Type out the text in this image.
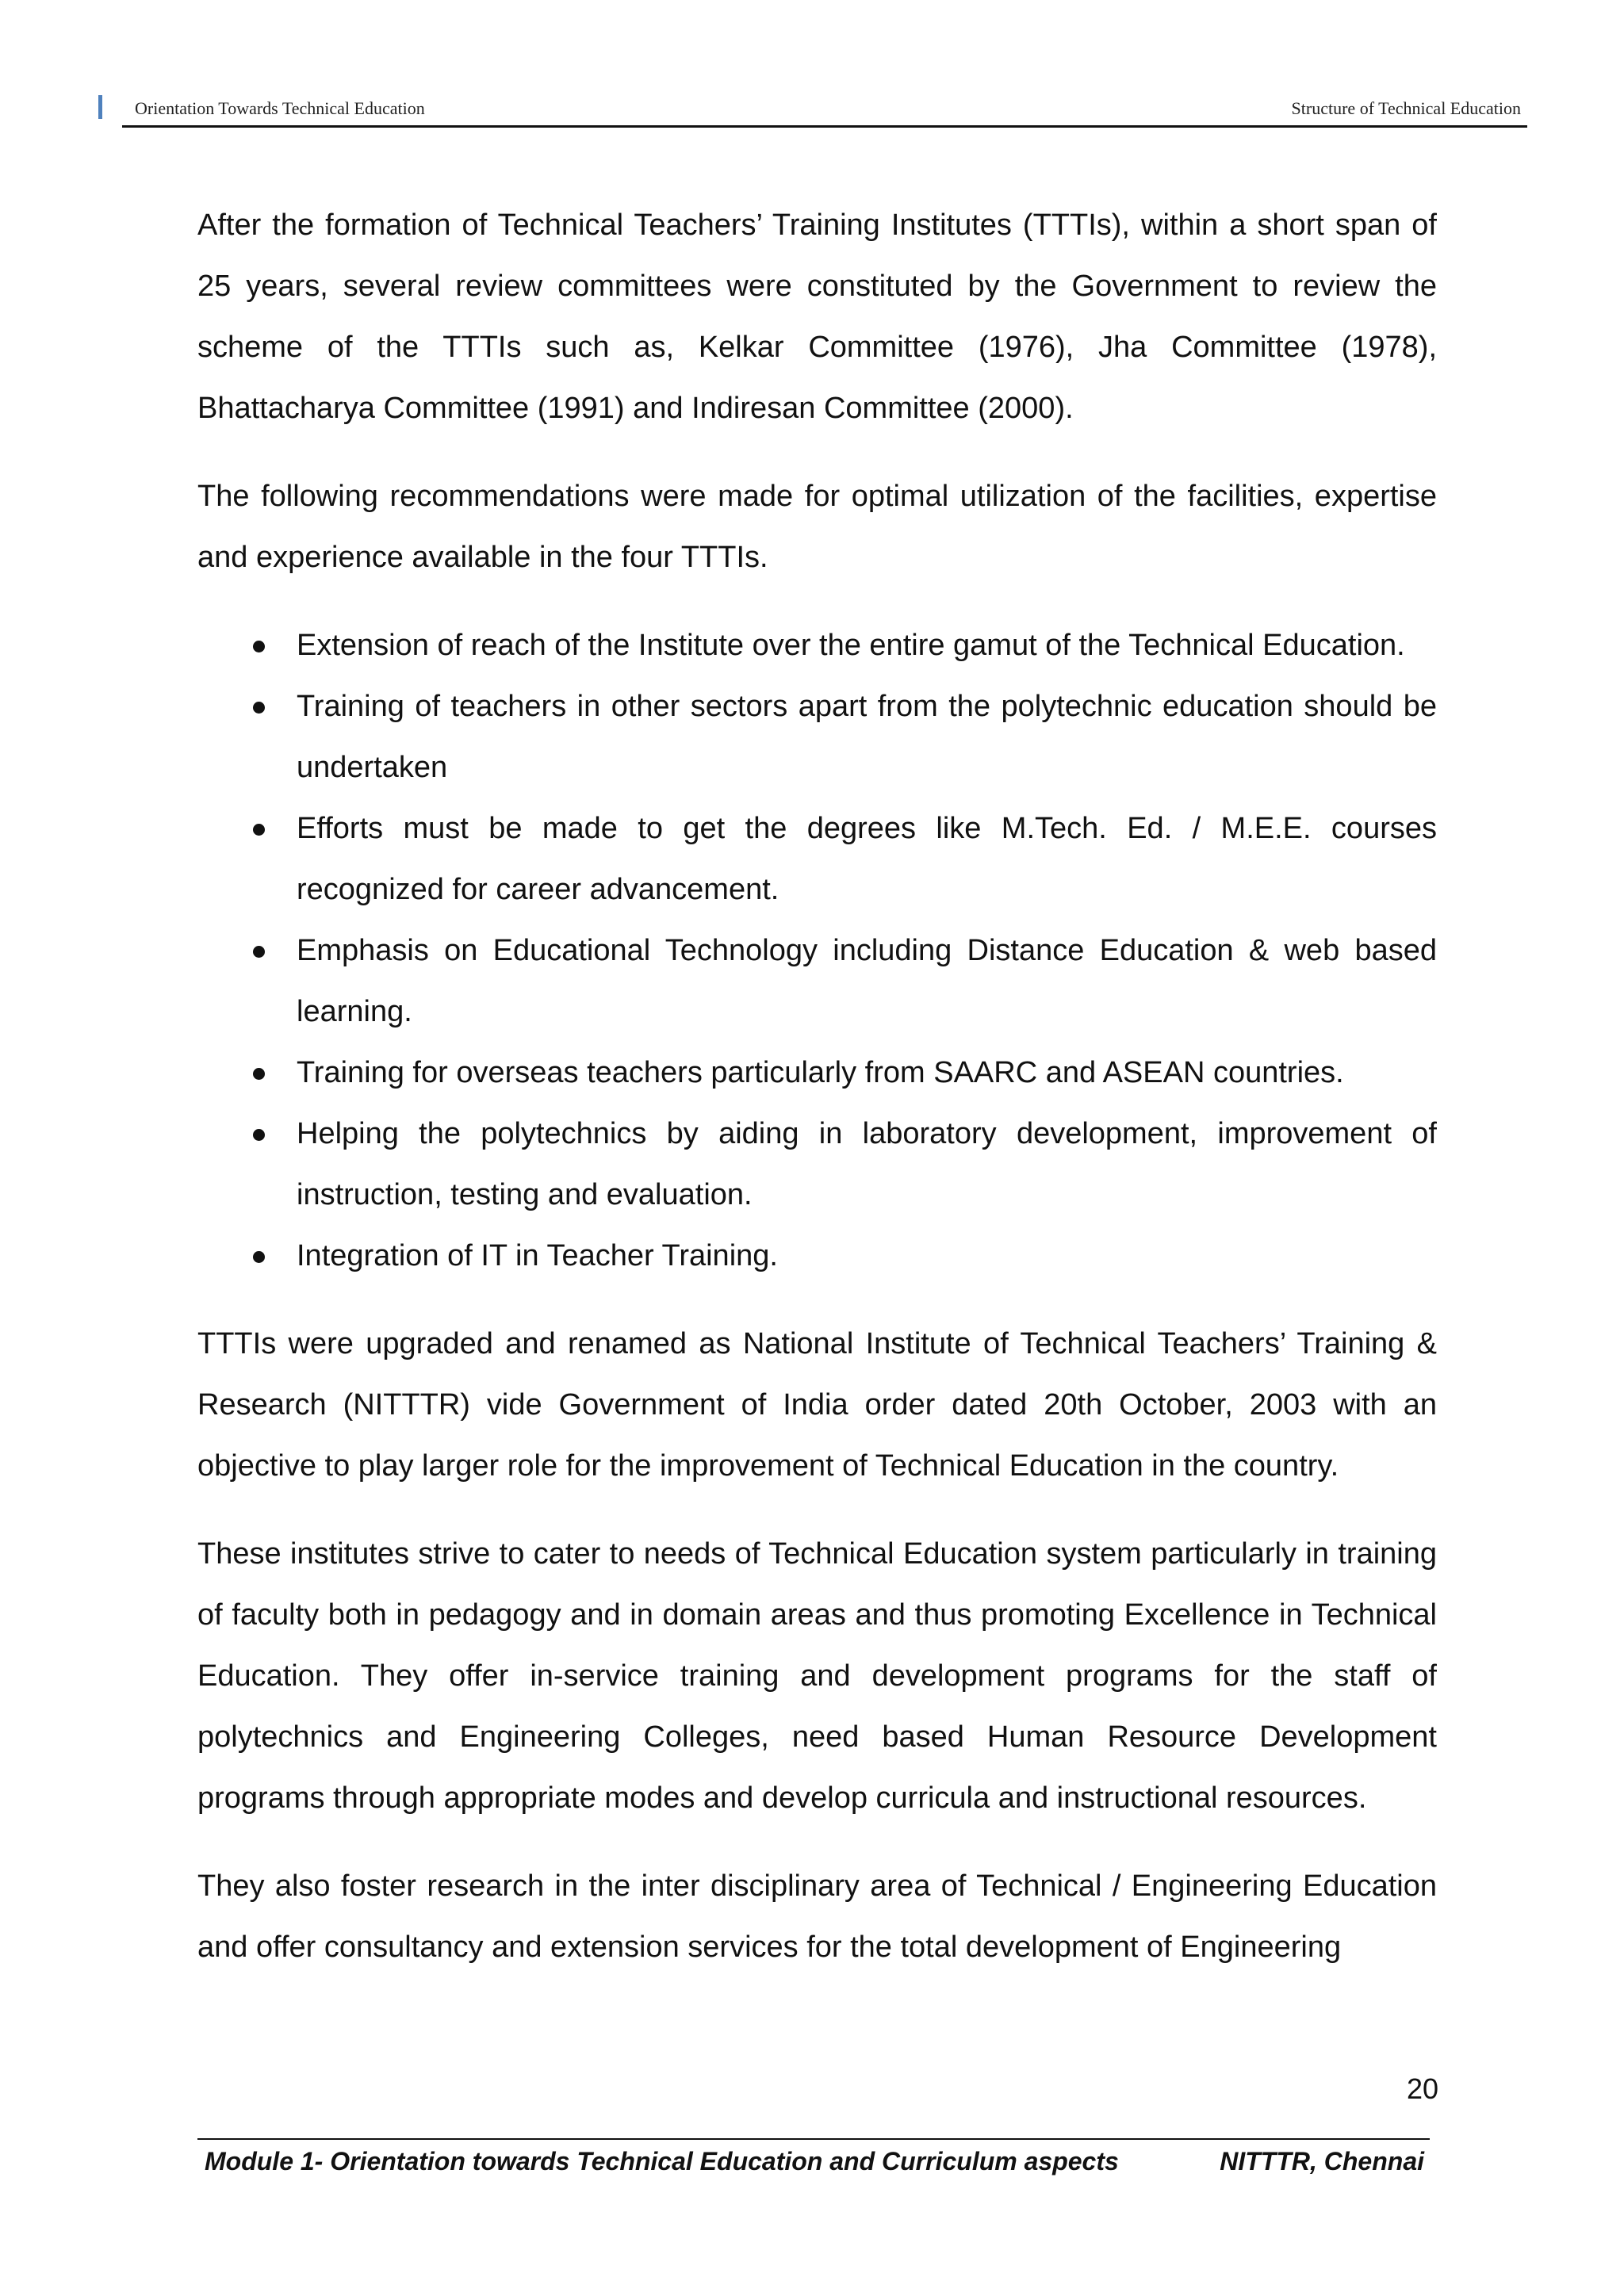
Orientation Towards Technical Education	Structure of Technical Education

After the formation of Technical Teachers’ Training Institutes (TTTIs), within a short span of 25 years, several review committees were constituted by the Government to review the scheme of the TTTIs such as, Kelkar Committee (1976), Jha Committee (1978), Bhattacharya Committee (1991) and Indiresan Committee (2000).

The following recommendations were made for optimal utilization of the facilities, expertise and experience available in the four TTTIs.

Extension of reach of the Institute over the entire gamut of the Technical Education.
Training of teachers in other sectors apart from the polytechnic education should be undertaken
Efforts must be made to get the degrees like M.Tech. Ed. / M.E.E. courses recognized for career advancement.
Emphasis on Educational Technology including Distance Education & web based learning.
Training for overseas teachers particularly from SAARC and ASEAN countries.
Helping the polytechnics by aiding in laboratory development, improvement of instruction, testing and evaluation.
Integration of IT in Teacher Training.

TTTIs were upgraded and renamed as National Institute of Technical Teachers’ Training & Research (NITTTR) vide Government of India order dated 20th October, 2003 with an objective to play larger role for the improvement of Technical Education in the country.

These institutes strive to cater to needs of Technical Education system particularly in training of faculty both in pedagogy and in domain areas and thus promoting Excellence in Technical Education. They offer in-service training and development programs for the staff of polytechnics and Engineering Colleges, need based Human Resource Development programs through appropriate modes and develop curricula and instructional resources.

They also foster research in the inter disciplinary area of Technical / Engineering Education and offer consultancy and extension services for the total development of Engineering

20
Module 1- Orientation towards Technical Education and Curriculum aspects	NITTTR, Chennai
